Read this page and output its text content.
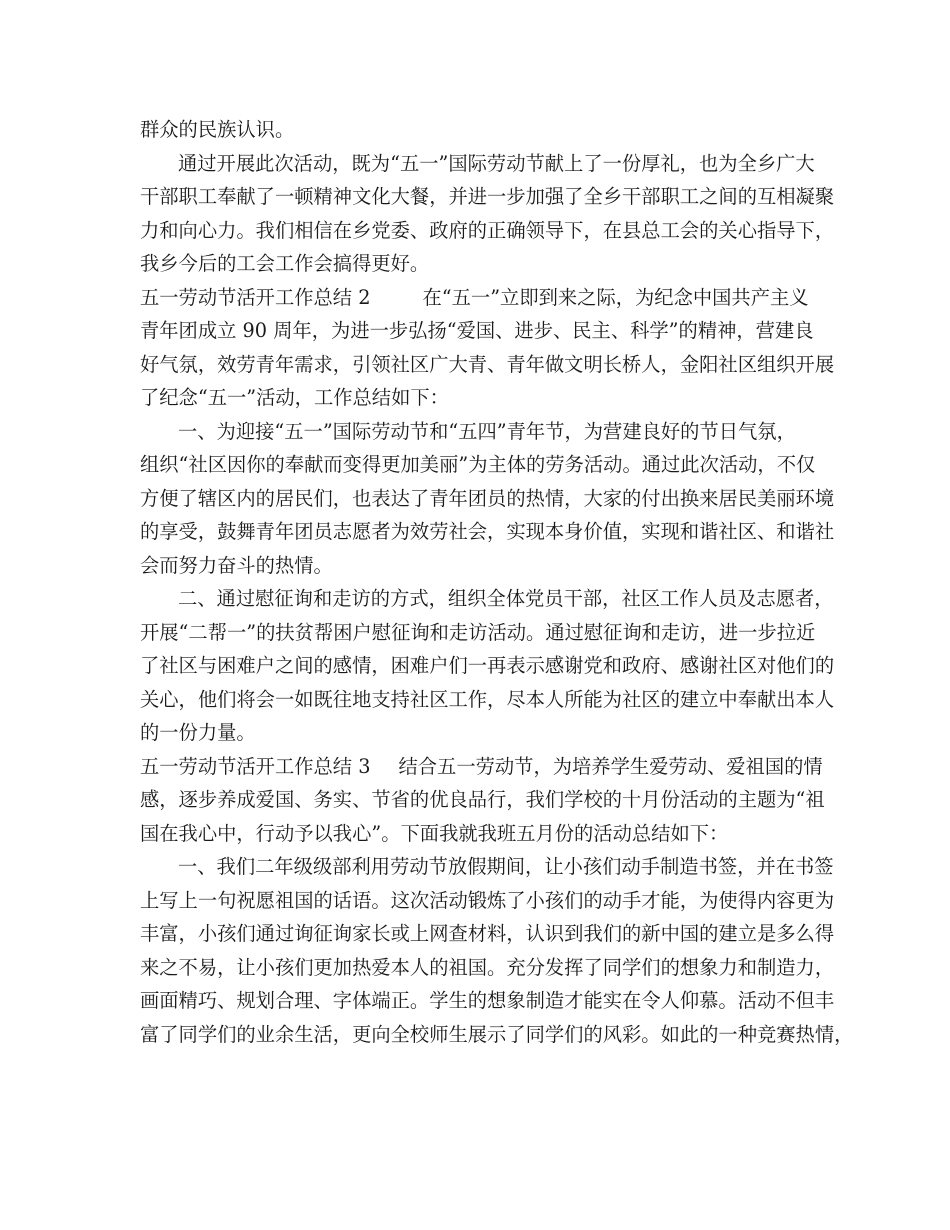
群众的民族认识。
通过开展此次活动，既为“五一”国际劳动节献上了一份厚礼，也为全乡广大
干部职工奉献了一顿精神文化大餐，并进一步加强了全乡干部职工之间的互相凝聚
力和向心力。我们相信在乡党委、政府的正确领导下，在县总工会的关心指导下，
我乡今后的工会工作会搞得更好。
五一劳动节活开工作总结 2	在“五一”立即到来之际，为纪念中国共产主义
青年团成立 90 周年，为进一步弘扬“爱国、进步、民主、科学”的精神，营建良
好气氛，效劳青年需求，引领社区广大青、青年做文明长桥人，金阳社区组织开展
了纪念“五一”活动，工作总结如下：
一、为迎接“五一”国际劳动节和“五四”青年节，为营建良好的节日气氛，
组织“社区因你的奉献而变得更加美丽”为主体的劳务活动。通过此次活动，不仅
方便了辖区内的居民们，也表达了青年团员的热情，大家的付出换来居民美丽环境
的享受，鼓舞青年团员志愿者为效劳社会，实现本身价值，实现和谐社区、和谐社
会而努力奋斗的热情。
二、通过慰征询和走访的方式，组织全体党员干部，社区工作人员及志愿者，
开展“二帮一”的扶贫帮困户慰征询和走访活动。通过慰征询和走访，进一步拉近
了社区与困难户之间的感情，困难户们一再表示感谢党和政府、感谢社区对他们的
关心，他们将会一如既往地支持社区工作，尽本人所能为社区的建立中奉献出本人
的一份力量。
五一劳动节活开工作总结 3 结合五一劳动节，为培养学生爱劳动、爱祖国的情
感，逐步养成爱国、务实、节省的优良品行，我们学校的十月份活动的主题为“祖
国在我心中，行动予以我心”。下面我就我班五月份的活动总结如下：
一、我们二年级级部利用劳动节放假期间，让小孩们动手制造书签，并在书签
上写上一句祝愿祖国的话语。这次活动锻炼了小孩们的动手才能，为使得内容更为
丰富，小孩们通过询征询家长或上网查材料，认识到我们的新中国的建立是多么得
来之不易，让小孩们更加热爱本人的祖国。充分发挥了同学们的想象力和制造力，
画面精巧、规划合理、字体端正。学生的想象制造才能实在令人仰慕。活动不但丰
富了同学们的业余生活，更向全校师生展示了同学们的风彩。如此的一种竞赛热情，
